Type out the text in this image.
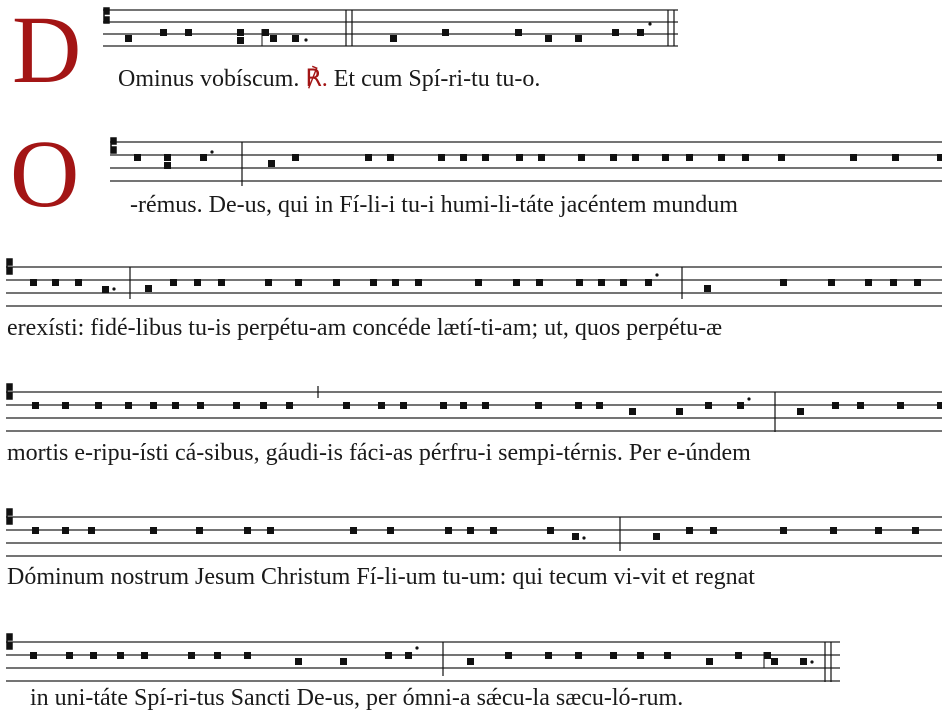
D Ominus vobíscum. ℟. Et cum Spí-ri-tu tu-o.
O -rémus. De-us, qui in Fí-li-i tu-i humi-li-táte jacéntem mundum
erexísti: fidé-libus tu-is perpétu-am concéde lætí-ti-am; ut, quos perpétu-æ
mortis e-ripu-ísti cá-sibus, gáudi-is fáci-as pérfru-i sempi-térnis. Per e-úndem
Dóminum nostrum Jesum Christum Fí-li-um tu-um: qui tecum vi-vit et regnat
in uni-táte Spí-ri-tus Sancti De-us, per ómni-a sǽcu-la sæcu-ló-rum.
